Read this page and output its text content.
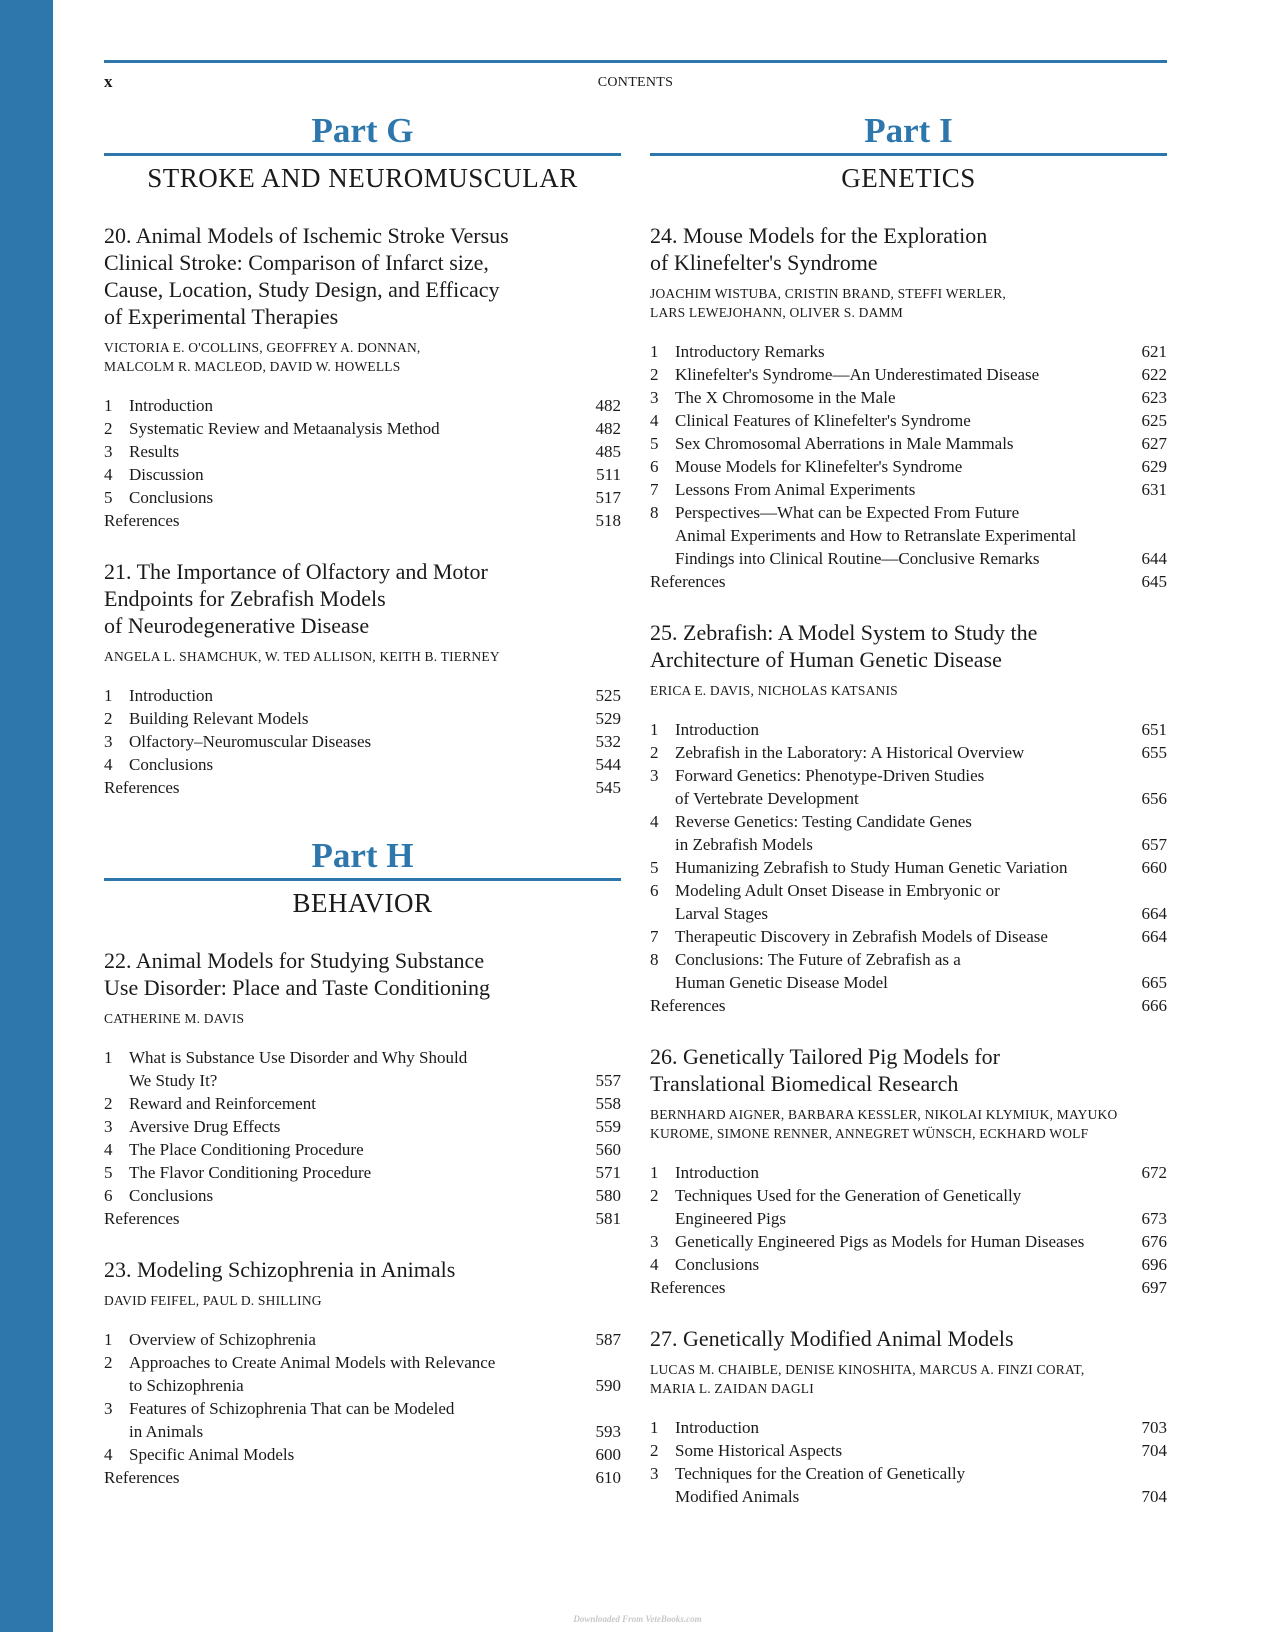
x	CONTENTS
Part G
STROKE AND NEUROMUSCULAR
20. Animal Models of Ischemic Stroke Versus
Clinical Stroke: Comparison of Infarct size,
Cause, Location, Study Design, and Efficacy
of Experimental Therapies
VICTORIA E. O'COLLINS, GEOFFREY A. DONNAN,
MALCOLM R. MACLEOD, DAVID W. HOWELLS
1 Introduction	482
2 Systematic Review and Metaanalysis Method	482
3 Results	485
4 Discussion	511
5 Conclusions	517
References	518
21. The Importance of Olfactory and Motor
Endpoints for Zebrafish Models
of Neurodegenerative Disease
ANGELA L. SHAMCHUK, W. TED ALLISON, KEITH B. TIERNEY
1 Introduction	525
2 Building Relevant Models	529
3 Olfactory–Neuromuscular Diseases	532
4 Conclusions	544
References	545
Part H
BEHAVIOR
22. Animal Models for Studying Substance
Use Disorder: Place and Taste Conditioning
CATHERINE M. DAVIS
1 What is Substance Use Disorder and Why Should
We Study It?	557
2 Reward and Reinforcement	558
3 Aversive Drug Effects	559
4 The Place Conditioning Procedure	560
5 The Flavor Conditioning Procedure	571
6 Conclusions	580
References	581
23. Modeling Schizophrenia in Animals
DAVID FEIFEL, PAUL D. SHILLING
1 Overview of Schizophrenia	587
2 Approaches to Create Animal Models with Relevance
to Schizophrenia	590
3 Features of Schizophrenia That can be Modeled
in Animals	593
4 Specific Animal Models	600
References	610
Part I
GENETICS
24. Mouse Models for the Exploration
of Klinefelter's Syndrome
JOACHIM WISTUBA, CRISTIN BRAND, STEFFI WERLER,
LARS LEWEJOHANN, OLIVER S. DAMM
1 Introductory Remarks	621
2 Klinefelter's Syndrome—An Underestimated Disease	622
3 The X Chromosome in the Male	623
4 Clinical Features of Klinefelter's Syndrome	625
5 Sex Chromosomal Aberrations in Male Mammals	627
6 Mouse Models for Klinefelter's Syndrome	629
7 Lessons From Animal Experiments	631
8 Perspectives—What can be Expected From Future
Animal Experiments and How to Retranslate Experimental
Findings into Clinical Routine—Conclusive Remarks	644
References	645
25. Zebrafish: A Model System to Study the
Architecture of Human Genetic Disease
ERICA E. DAVIS, NICHOLAS KATSANIS
1 Introduction	651
2 Zebrafish in the Laboratory: A Historical Overview	655
3 Forward Genetics: Phenotype-Driven Studies
of Vertebrate Development	656
4 Reverse Genetics: Testing Candidate Genes
in Zebrafish Models	657
5 Humanizing Zebrafish to Study Human Genetic Variation	660
6 Modeling Adult Onset Disease in Embryonic or
Larval Stages	664
7 Therapeutic Discovery in Zebrafish Models of Disease	664
8 Conclusions: The Future of Zebrafish as a
Human Genetic Disease Model	665
References	666
26. Genetically Tailored Pig Models for
Translational Biomedical Research
BERNHARD AIGNER, BARBARA KESSLER, NIKOLAI KLYMIUK, MAYUKO
KUROME, SIMONE RENNER, ANNEGRET WÜNSCH, ECKHARD WOLF
1 Introduction	672
2 Techniques Used for the Generation of Genetically
Engineered Pigs	673
3 Genetically Engineered Pigs as Models for Human Diseases	676
4 Conclusions	696
References	697
27. Genetically Modified Animal Models
LUCAS M. CHAIBLE, DENISE KINOSHITA, MARCUS A. FINZI CORAT,
MARIA L. ZAIDAN DAGLI
1 Introduction	703
2 Some Historical Aspects	704
3 Techniques for the Creation of Genetically
Modified Animals	704
Downloaded From VeteBooks.com
